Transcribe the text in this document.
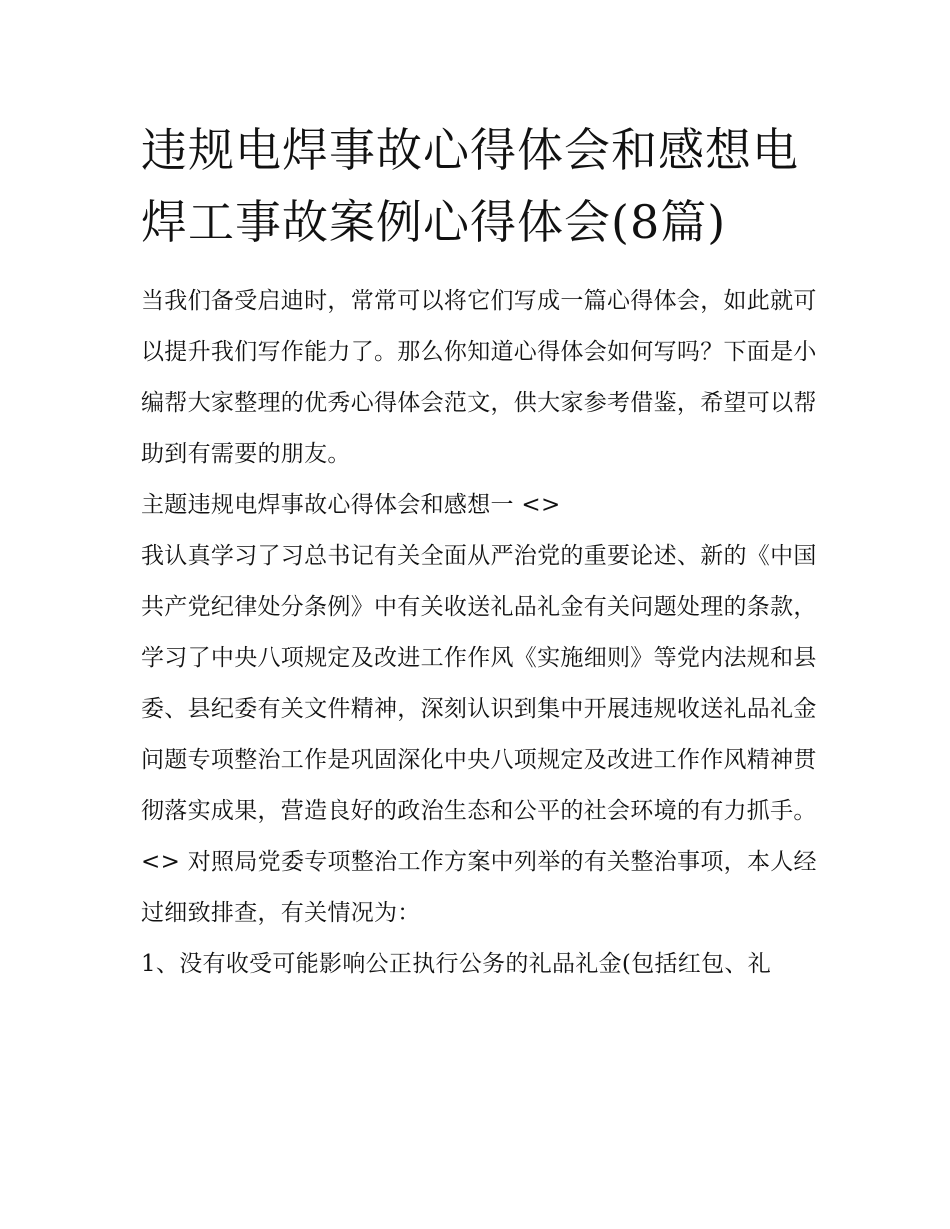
违规电焊事故心得体会和感想电焊工事故案例心得体会(8篇)

当我们备受启迪时，常常可以将它们写成一篇心得体会，如此就可以提升我们写作能力了。那么你知道心得体会如何写吗？下面是小编帮大家整理的优秀心得体会范文，供大家参考借鉴，希望可以帮助到有需要的朋友。

主题违规电焊事故心得体会和感想一 <>

我认真学习了习总书记有关全面从严治党的重要论述、新的《中国共产党纪律处分条例》中有关收送礼品礼金有关问题处理的条款，学习了中央八项规定及改进工作作风《实施细则》等党内法规和县委、县纪委有关文件精神，深刻认识到集中开展违规收送礼品礼金问题专项整治工作是巩固深化中央八项规定及改进工作作风精神贯彻落实成果，营造良好的政治生态和公平的社会环境的有力抓手。

<> 对照局党委专项整治工作方案中列举的有关整治事项，本人经过细致排查，有关情况为：

1、没有收受可能影响公正执行公务的礼品礼金(包括红包、礼
